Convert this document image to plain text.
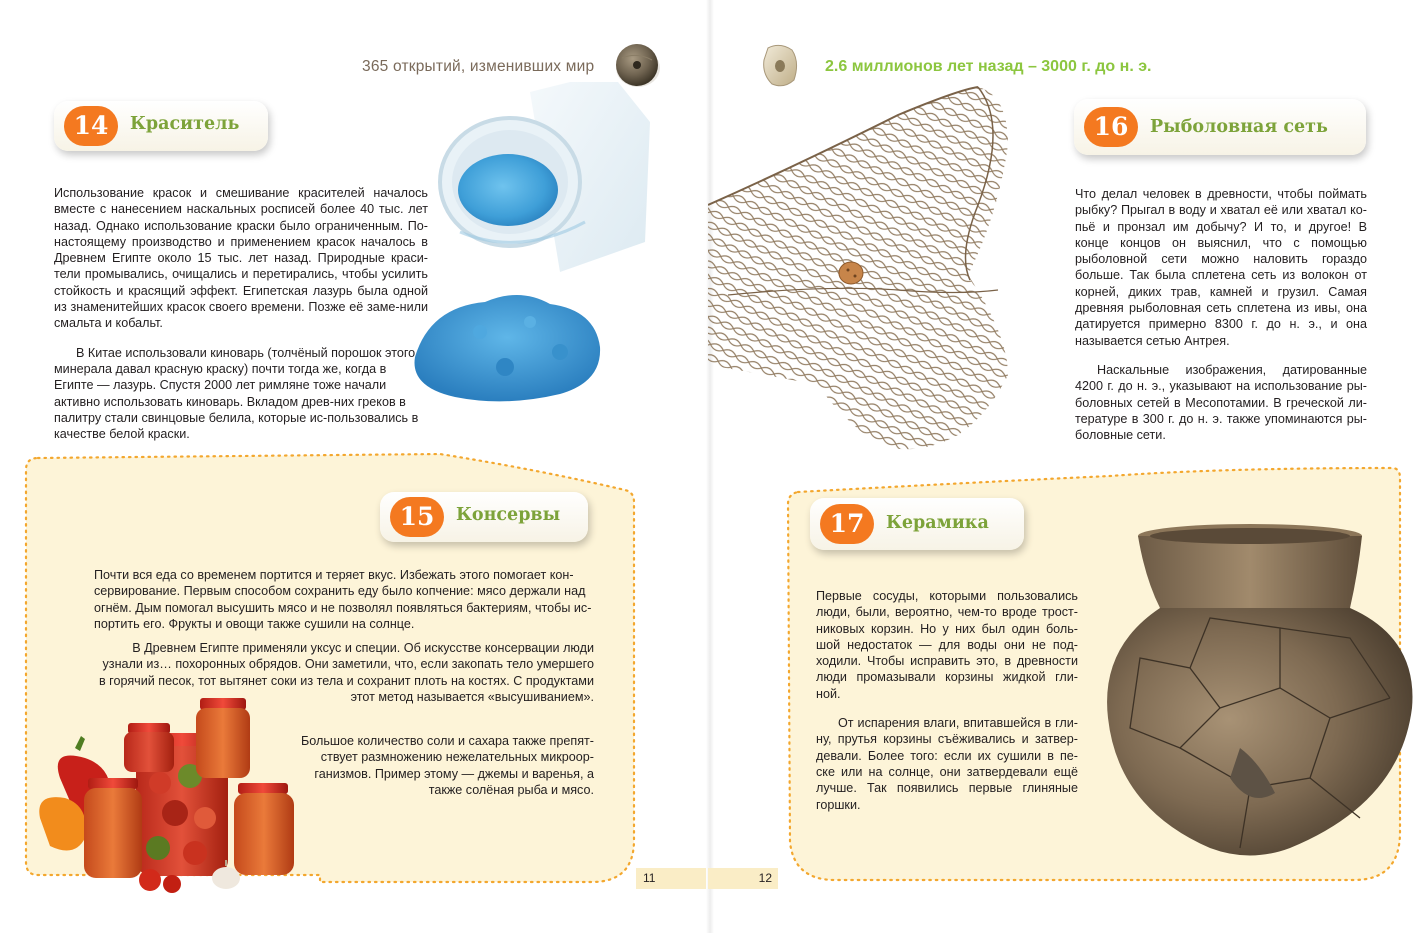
365 открытий, изменивших мир
14	Краситель

Использование красок и смешивание красителей началось вместе с нанесением наскальных росписей более 40 тыс. лет назад. Однако использование краски было ограниченным. По-настоящему производство и применением красок началось в Древнем Египте около 15 тыс. лет назад. Природные краси-тели промывались, очищались и перетирались, чтобы усилить стойкость и красящий эффект. Египетская лазурь была одной из знаменитейших красок своего времени. Позже её заме-нили смальта и кобальт.

В Китае использовали киноварь (толчёный порошок этого минерала давал красную краску) почти тогда же, когда в Египте — лазурь. Спустя 2000 лет римляне тоже начали активно использовать киноварь. Вкладом древ-них греков в палитру стали свинцовые белила, которые ис-пользовались в качестве белой краски.

15	Консервы

Почти вся еда со временем портится и теряет вкус. Избежать этого помогает кон-сервирование. Первым способом сохранить еду было копчение: мясо держали над огнём. Дым помогал высушить мясо и не позволял появляться бактериям, чтобы ис-портить его. Фрукты и овощи также сушили на солнце.

В Древнем Египте применяли уксус и специи. Об искусстве консервации люди узнали из… похоронных обрядов. Они заметили, что, если закопать тело умершего в горячий песок, тот вытянет соки из тела и сохранит плоть на костях. С продуктами этот метод называется «высушиванием».

Большое количество соли и сахара также препят-ствует размножению нежелательных микроор-ганизмов. Пример этому — джемы и варенья, а также солёная рыба и мясо.

11
2.6 миллионов лет назад – 3000 г. до н. э.
16	Рыболовная сеть

Что делал человек в древности, чтобы поймать рыбку? Прыгал в воду и хватал её или хватал ко-пьё и пронзал им добычу? И то, и другое! В конце концов он выяснил, что с помощью рыболовной сети можно наловить гораздо больше. Так была сплетена сеть из волокон от корней, диких трав, камней и грузил. Самая древняя рыболовная сеть сплетена из ивы, она датируется примерно 8300 г. до н. э., и она называется сетью Антрея.

Наскальные изображения, датированные 4200 г. до н. э., указывают на использование ры-боловных сетей в Месопотамии. В греческой ли-тературе в 300 г. до н. э. также упоминаются ры-боловные сети.

17	Керамика

Первые сосуды, которыми пользовались люди, были, вероятно, чем-то вроде трост-никовых корзин. Но у них был один боль-шой недостаток — для воды они не под-ходили. Чтобы исправить это, в древности люди промазывали корзины жидкой гли-ной.

От испарения влаги, впитавшейся в гли-ну, прутья корзины съёживались и затвер-девали. Более того: если их сушили в пе-ске или на солнце, они затвердевали ещё лучше. Так появились первые глиняные горшки.

12
